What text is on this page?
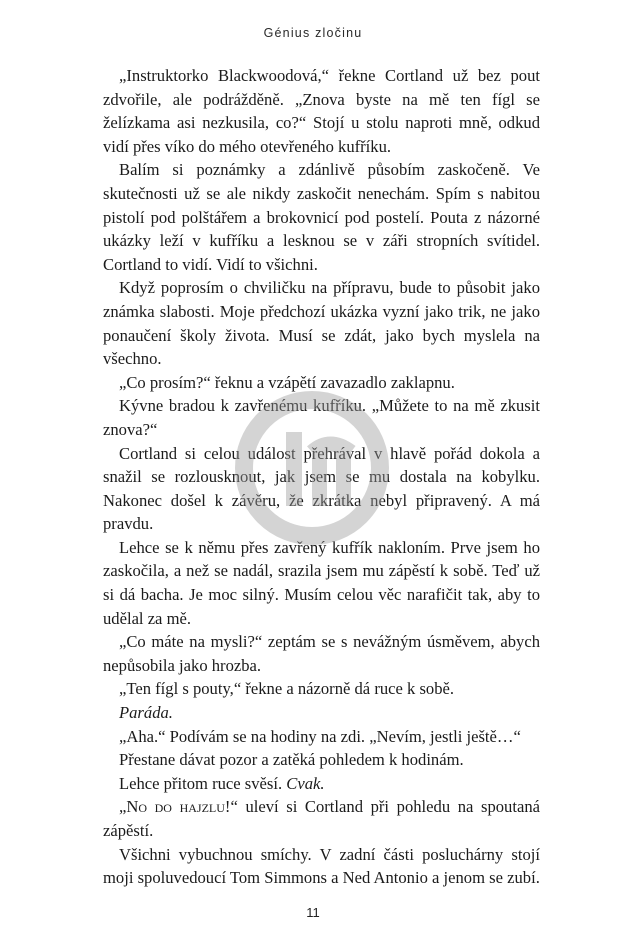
Génius zločinu

„Instruktorko Blackwoodová,“ řekne Cortland už bez pout zdvořile, ale podrážděně. „Znova byste na mě ten fígl se želízkama asi nezkusila, co?“ Stojí u stolu naproti mně, odkud vidí přes víko do mého otevřeného kufříku.

Balím si poznámky a zdánlivě působím zaskočeně. Ve skutečnosti už se ale nikdy zaskočit nenechám. Spím s nabitou pistolí pod polštářem a brokovnicí pod postelí. Pouta z názorné ukázky leží v kufříku a lesknou se v záři stropních svítidel. Cortland to vidí. Vidí to všichni.

Když poprosím o chviličku na přípravu, bude to působit jako známka slabosti. Moje předchozí ukázka vyzní jako trik, ne jako ponaučení školy života. Musí se zdát, jako bych myslela na všechno.

„Co prosím?“ řeknu a vzápětí zavazadlo zaklapnu.

Kývne bradou k zavřenému kufříku. „Můžete to na mě zkusit znova?“

Cortland si celou událost přehrával v hlavě pořád dokola a snažil se rozlousknout, jak jsem se mu dostala na kobylku. Nakonec došel k závěru, že zkrátka nebyl připravený. A má pravdu.

Lehce se k němu přes zavřený kufřík nakloním. Prve jsem ho zaskočila, a než se nadál, srazila jsem mu zápěstí k sobě. Teď už si dá bacha. Je moc silný. Musím celou věc narafičit tak, aby to udělal za mě.

„Co máte na mysli?“ zeptám se s nevážným úsměvem, abych nepůsobila jako hrozba.

„Ten fígl s pouty,“ řekne a názorně dá ruce k sobě.

Paráda.

„Aha.“ Podívám se na hodiny na zdi. „Nevím, jestli ještě…“

Přestane dávat pozor a zatěká pohledem k hodinám.

Lehce přitom ruce svěsí. Cvak.

„No do hajzlu!“ uleví si Cortland při pohledu na spoutaná zápěstí.

Všichni vybuchnou smíchy. V zadní části posluchárny stojí moji spoluvedoucí Tom Simmons a Ned Antonio a jenom se zubí.

11
